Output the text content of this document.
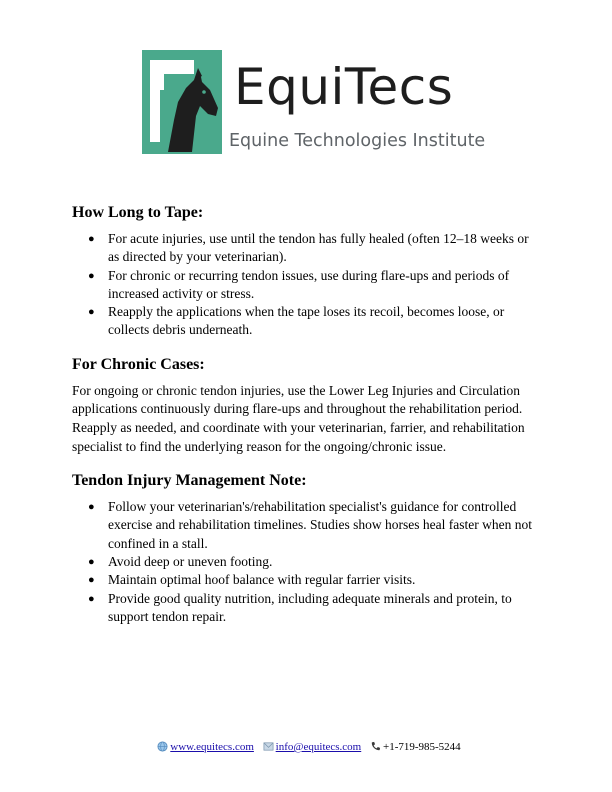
EquiTecs
Equine Technologies Institute
How Long to Tape:
● For acute injuries, use until the tendon has fully healed (often 12–18 weeks or as directed by your veterinarian).
● For chronic or recurring tendon issues, use during flare-ups and periods of increased activity or stress.
● Reapply the applications when the tape loses its recoil, becomes loose, or collects debris underneath.
For Chronic Cases:

For ongoing or chronic tendon injuries, use the Lower Leg Injuries and Circulation applications continuously during flare-ups and throughout the rehabilitation period. Reapply as needed, and coordinate with your veterinarian, farrier, and rehabilitation specialist to find the underlying reason for the ongoing/chronic issue.

Tendon Injury Management Note:
● Follow your veterinarian's/rehabilitation specialist's guidance for controlled exercise and rehabilitation timelines. Studies show horses heal faster when not confined in a stall.
● Avoid deep or uneven footing.
● Maintain optimal hoof balance with regular farrier visits.
● Provide good quality nutrition, including adequate minerals and protein, to support tendon repair.
www.equitecs.com info@equitecs.com +1-719-985-5244
